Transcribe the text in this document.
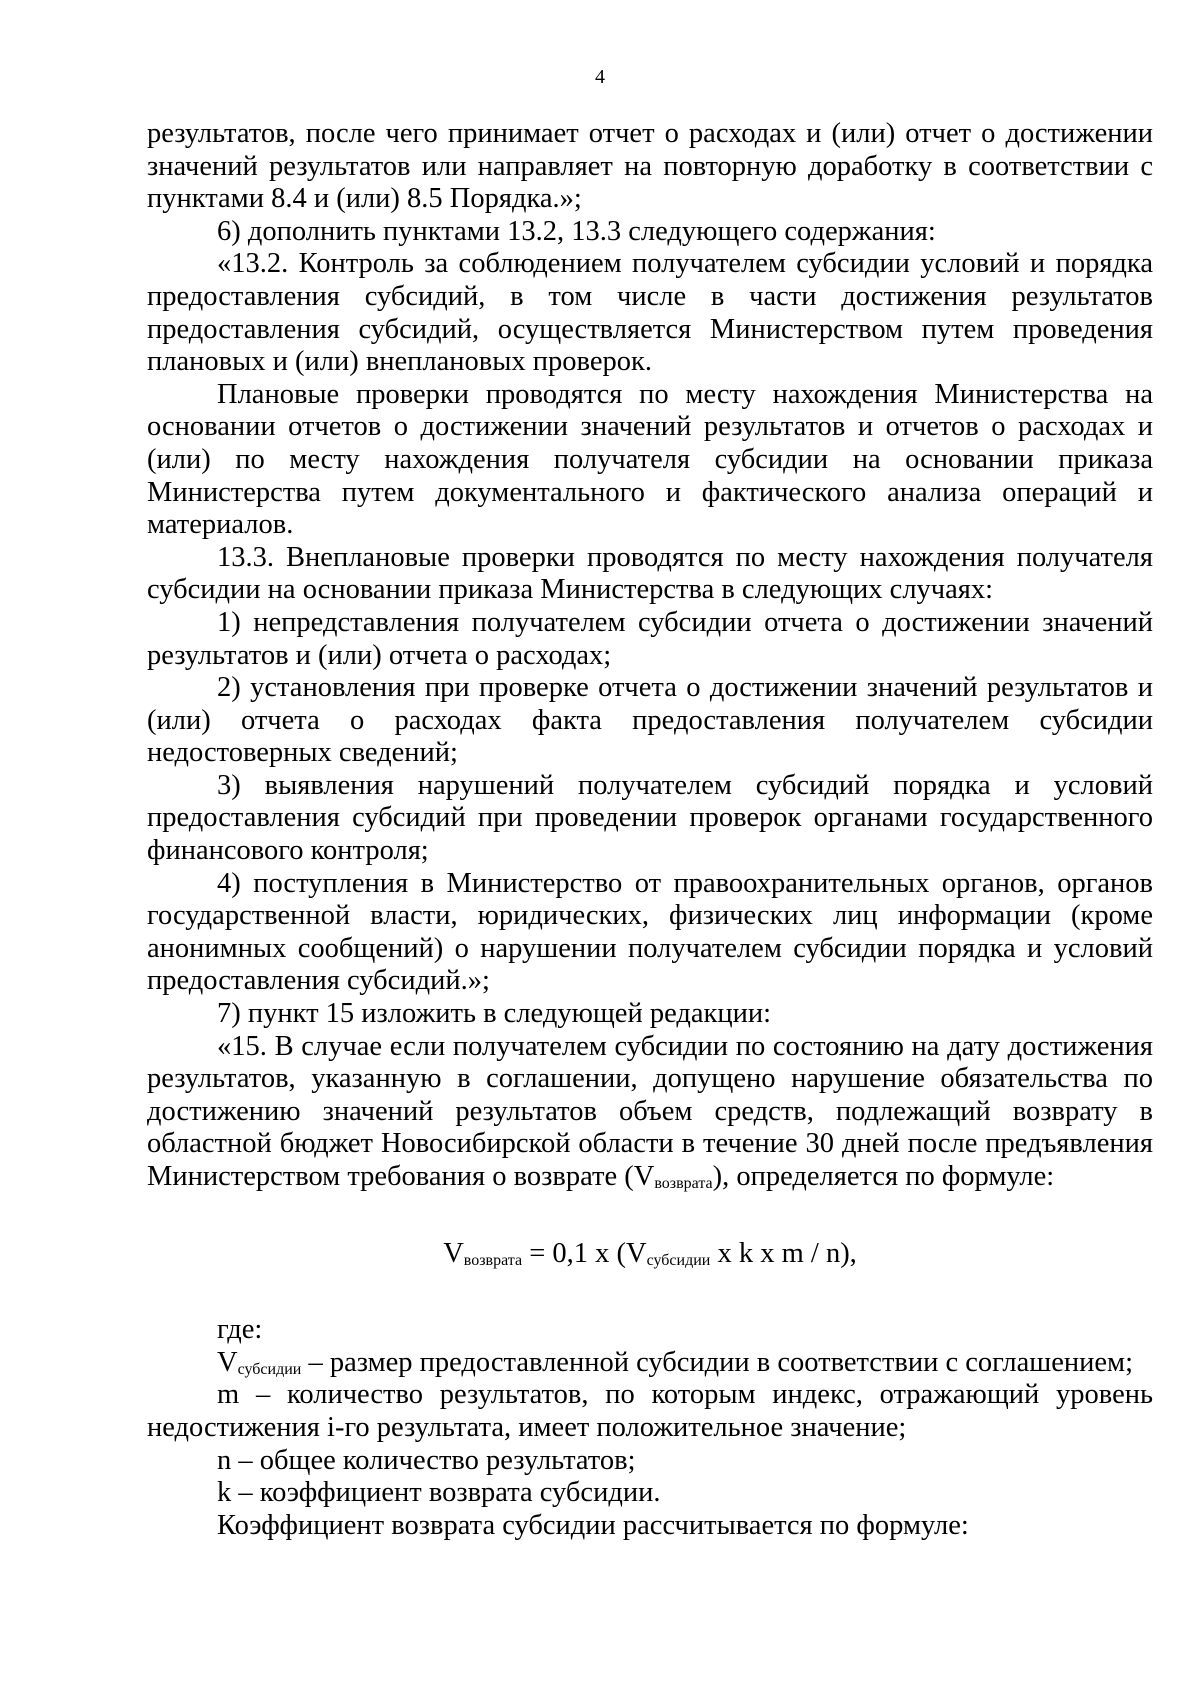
4

результатов, после чего принимает отчет о расходах и (или) отчет о достижении значений результатов или направляет на повторную доработку в соответствии с пунктами 8.4 и (или) 8.5 Порядка.»;

6) дополнить пунктами 13.2, 13.3 следующего содержания:

«13.2. Контроль за соблюдением получателем субсидии условий и порядка предоставления субсидий, в том числе в части достижения результатов предоставления субсидий, осуществляется Министерством путем проведения плановых и (или) внеплановых проверок.

Плановые проверки проводятся по месту нахождения Министерства на основании отчетов о достижении значений результатов и отчетов о расходах и (или) по месту нахождения получателя субсидии на основании приказа Министерства путем документального и фактического анализа операций и материалов.

13.3. Внеплановые проверки проводятся по месту нахождения получателя субсидии на основании приказа Министерства в следующих случаях:

1) непредставления получателем субсидии отчета о достижении значений результатов и (или) отчета о расходах;

2) установления при проверке отчета о достижении значений результатов и (или) отчета о расходах факта предоставления получателем субсидии недостоверных сведений;

3) выявления нарушений получателем субсидий порядка и условий предоставления субсидий при проведении проверок органами государственного финансового контроля;

4) поступления в Министерство от правоохранительных органов, органов государственной власти, юридических, физических лиц информации (кроме анонимных сообщений) о нарушении получателем субсидии порядка и условий предоставления субсидий.»;

7) пункт 15 изложить в следующей редакции:

«15. В случае если получателем субсидии по состоянию на дату достижения результатов, указанную в соглашении, допущено нарушение обязательства по достижению значений результатов объем средств, подлежащий возврату в областной бюджет Новосибирской области в течение 30 дней после предъявления Министерством требования о возврате $(V_{возврата})$, определяется по формуле:

$V_{возврата} = 0,1$ x ($V_{субсидии}$ x k x m / n),

где:

$V_{субсидии}$ – размер предоставленной субсидии в соответствии с соглашением;

m – количество результатов, по которым индекс, отражающий уровень недостижения i-го результата, имеет положительное значение;

n – общее количество результатов;

k – коэффициент возврата субсидии.

Коэффициент возврата субсидии рассчитывается по формуле:
